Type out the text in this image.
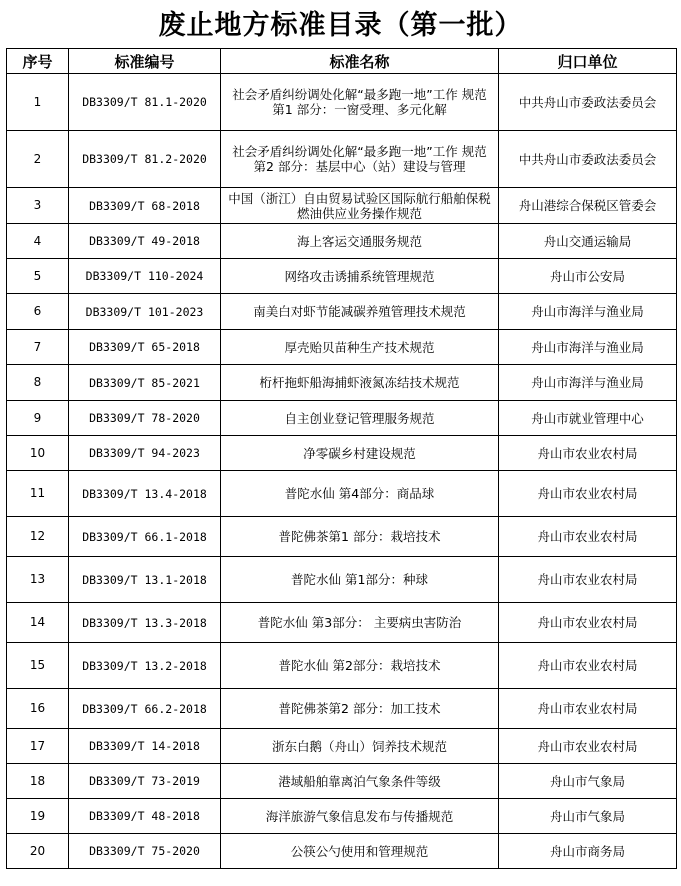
废止地方标准目录（第一批）
序号	标准编号	标准名称	归口单位
1	DB3309/T 81.1-2020	社会矛盾纠纷调处化解“最多跑一地”工作 规范第1 部分：一窗受理、多元化解	中共舟山市委政法委员会
2	DB3309/T 81.2-2020	社会矛盾纠纷调处化解“最多跑一地”工作 规范第2 部分：基层中心（站）建设与管理	中共舟山市委政法委员会
3	DB3309/T 68-2018	中国（浙江）自由贸易试验区国际航行船舶保税燃油供应业务操作规范	舟山港综合保税区管委会
4	DB3309/T 49-2018	海上客运交通服务规范	舟山交通运输局
5	DB3309/T 110-2024	网络攻击诱捕系统管理规范	舟山市公安局
6	DB3309/T 101-2023	南美白对虾节能减碳养殖管理技术规范	舟山市海洋与渔业局
7	DB3309/T 65-2018	厚壳贻贝苗种生产技术规范	舟山市海洋与渔业局
8	DB3309/T 85-2021	桁杆拖虾船海捕虾液氮冻结技术规范	舟山市海洋与渔业局
9	DB3309/T 78-2020	自主创业登记管理服务规范	舟山市就业管理中心
10	DB3309/T 94-2023	净零碳乡村建设规范	舟山市农业农村局
11	DB3309/T 13.4-2018	普陀水仙 第4部分：商品球	舟山市农业农村局
12	DB3309/T 66.1-2018	普陀佛茶第1 部分：栽培技术	舟山市农业农村局
13	DB3309/T 13.1-2018	普陀水仙 第1部分：种球	舟山市农业农村局
14	DB3309/T 13.3-2018	普陀水仙 第3部分： 主要病虫害防治	舟山市农业农村局
15	DB3309/T 13.2-2018	普陀水仙 第2部分：栽培技术	舟山市农业农村局
16	DB3309/T 66.2-2018	普陀佛茶第2 部分：加工技术	舟山市农业农村局
17	DB3309/T 14-2018	浙东白鹅（舟山）饲养技术规范	舟山市农业农村局
18	DB3309/T 73-2019	港域船舶靠离泊气象条件等级	舟山市气象局
19	DB3309/T 48-2018	海洋旅游气象信息发布与传播规范	舟山市气象局
20	DB3309/T 75-2020	公筷公勺使用和管理规范	舟山市商务局
